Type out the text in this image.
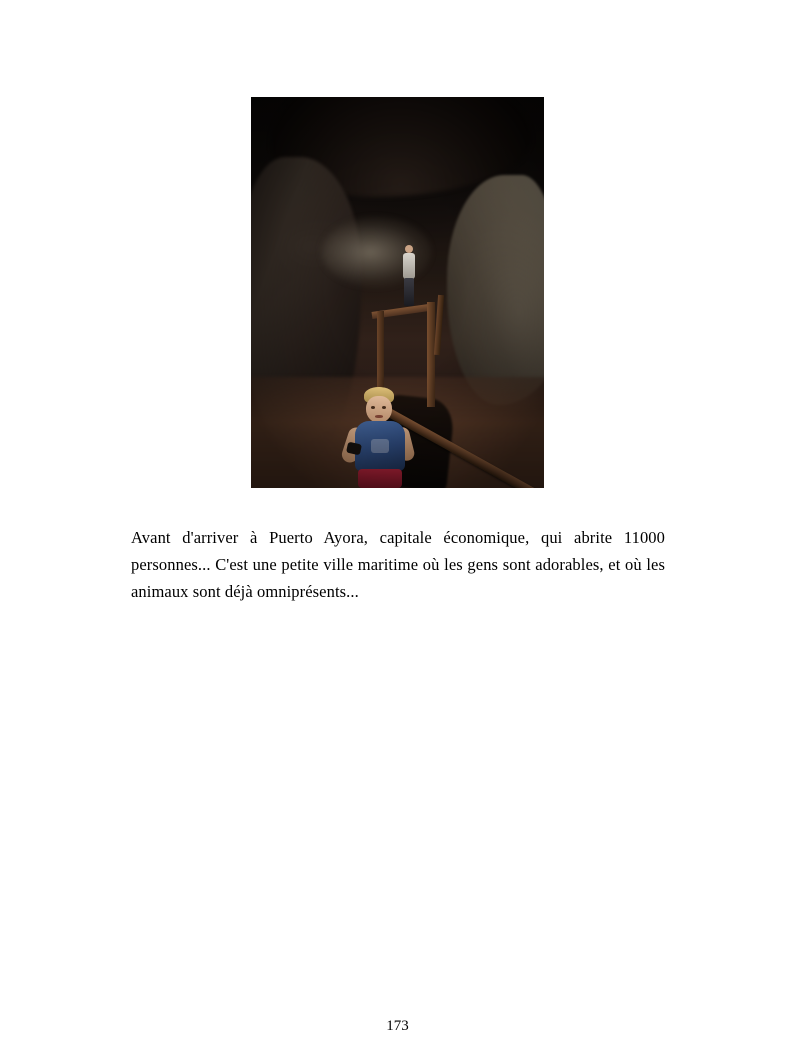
Avant d'arriver à Puerto Ayora, capitale économique, qui abrite 11000 personnes... C'est une petite ville maritime où les gens sont adorables, et où les animaux sont déjà omniprésents...

173
